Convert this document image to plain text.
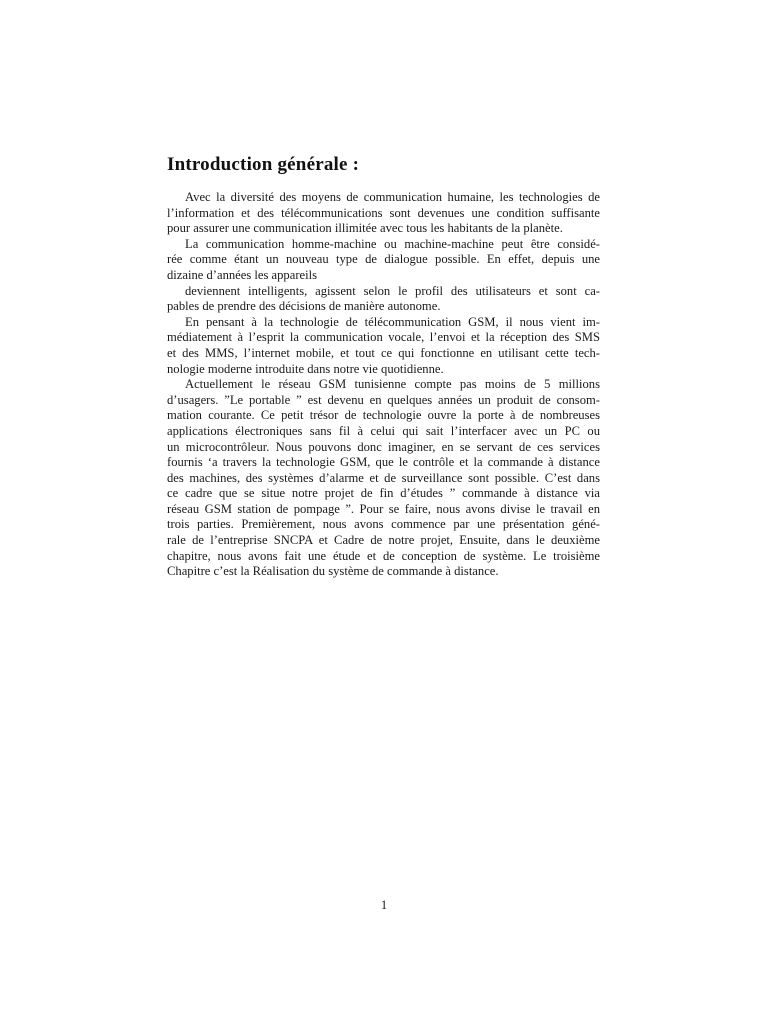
Introduction générale :
Avec la diversité des moyens de communication humaine, les technologies de
l’information et des télécommunications sont devenues une condition suffisante
pour assurer une communication illimitée avec tous les habitants de la planète.
La communication homme-machine ou machine-machine peut être considé-
rée comme étant un nouveau type de dialogue possible. En effet, depuis une
dizaine d’années les appareils
deviennent intelligents, agissent selon le profil des utilisateurs et sont ca-
pables de prendre des décisions de manière autonome.
En pensant à la technologie de télécommunication GSM, il nous vient im-
médiatement à l’esprit la communication vocale, l’envoi et la réception des SMS
et des MMS, l’internet mobile, et tout ce qui fonctionne en utilisant cette tech-
nologie moderne introduite dans notre vie quotidienne.
Actuellement le réseau GSM tunisienne compte pas moins de 5 millions
d’usagers. ”Le portable ” est devenu en quelques années un produit de consom-
mation courante. Ce petit trésor de technologie ouvre la porte à de nombreuses
applications électroniques sans fil à celui qui sait l’interfacer avec un PC ou
un microcontrôleur. Nous pouvons donc imaginer, en se servant de ces services
fournis ‘a travers la technologie GSM, que le contrôle et la commande à distance
des machines, des systèmes d’alarme et de surveillance sont possible. C’est dans
ce cadre que se situe notre projet de fin d’études ” commande à distance via
réseau GSM station de pompage ”. Pour se faire, nous avons divise le travail en
trois parties. Premièrement, nous avons commence par une présentation géné-
rale de l’entreprise SNCPA et Cadre de notre projet, Ensuite, dans le deuxième
chapitre, nous avons fait une étude et de conception de système. Le troisième
Chapitre c’est la Réalisation du système de commande à distance.
1
